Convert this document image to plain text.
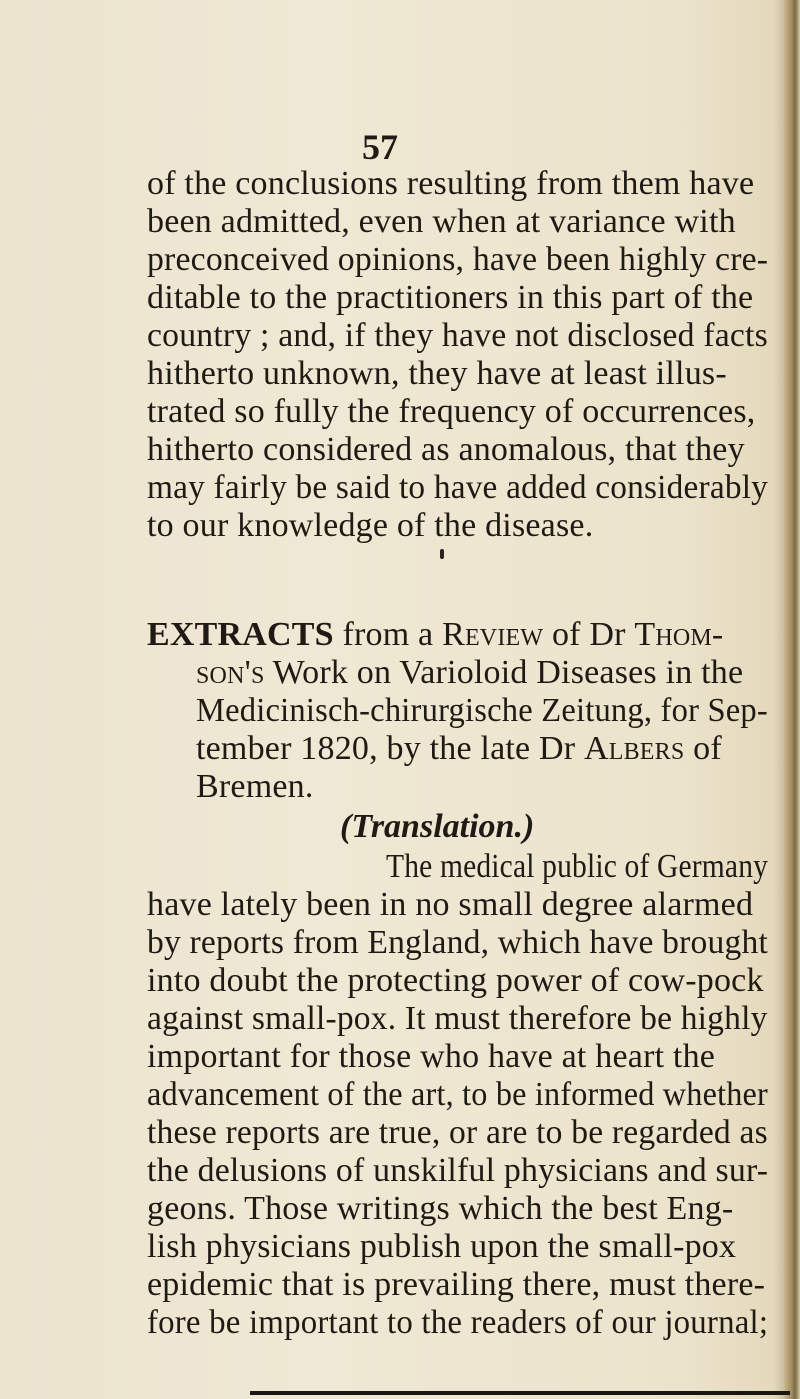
57

of the conclusions resulting from them have

been admitted, even when at variance with

preconceived opinions, have been highly cre-

ditable to the practitioners in this part of the

country ; and, if they have not disclosed facts

hitherto unknown, they have at least illus-

trated so fully the frequency of occurrences,

hitherto considered as anomalous, that they

may fairly be said to have added considerably

to our knowledge of the disease.

EXTRACTS from a Review of Dr Thom-

son's Work on Varioloid Diseases in the

Medicinisch-chirurgische Zeitung, for Sep-

tember 1820, by the late Dr Albers of

Bremen.

(Translation.)

The medical public of Germany

have lately been in no small degree alarmed

by reports from England, which have brought

into doubt the protecting power of cow-pock

against small-pox. It must therefore be highly

important for those who have at heart the

advancement of the art, to be informed whether

these reports are true, or are to be regarded as

the delusions of unskilful physicians and sur-

geons. Those writings which the best Eng-

lish physicians publish upon the small-pox

epidemic that is prevailing there, must there-

fore be important to the readers of our journal;
